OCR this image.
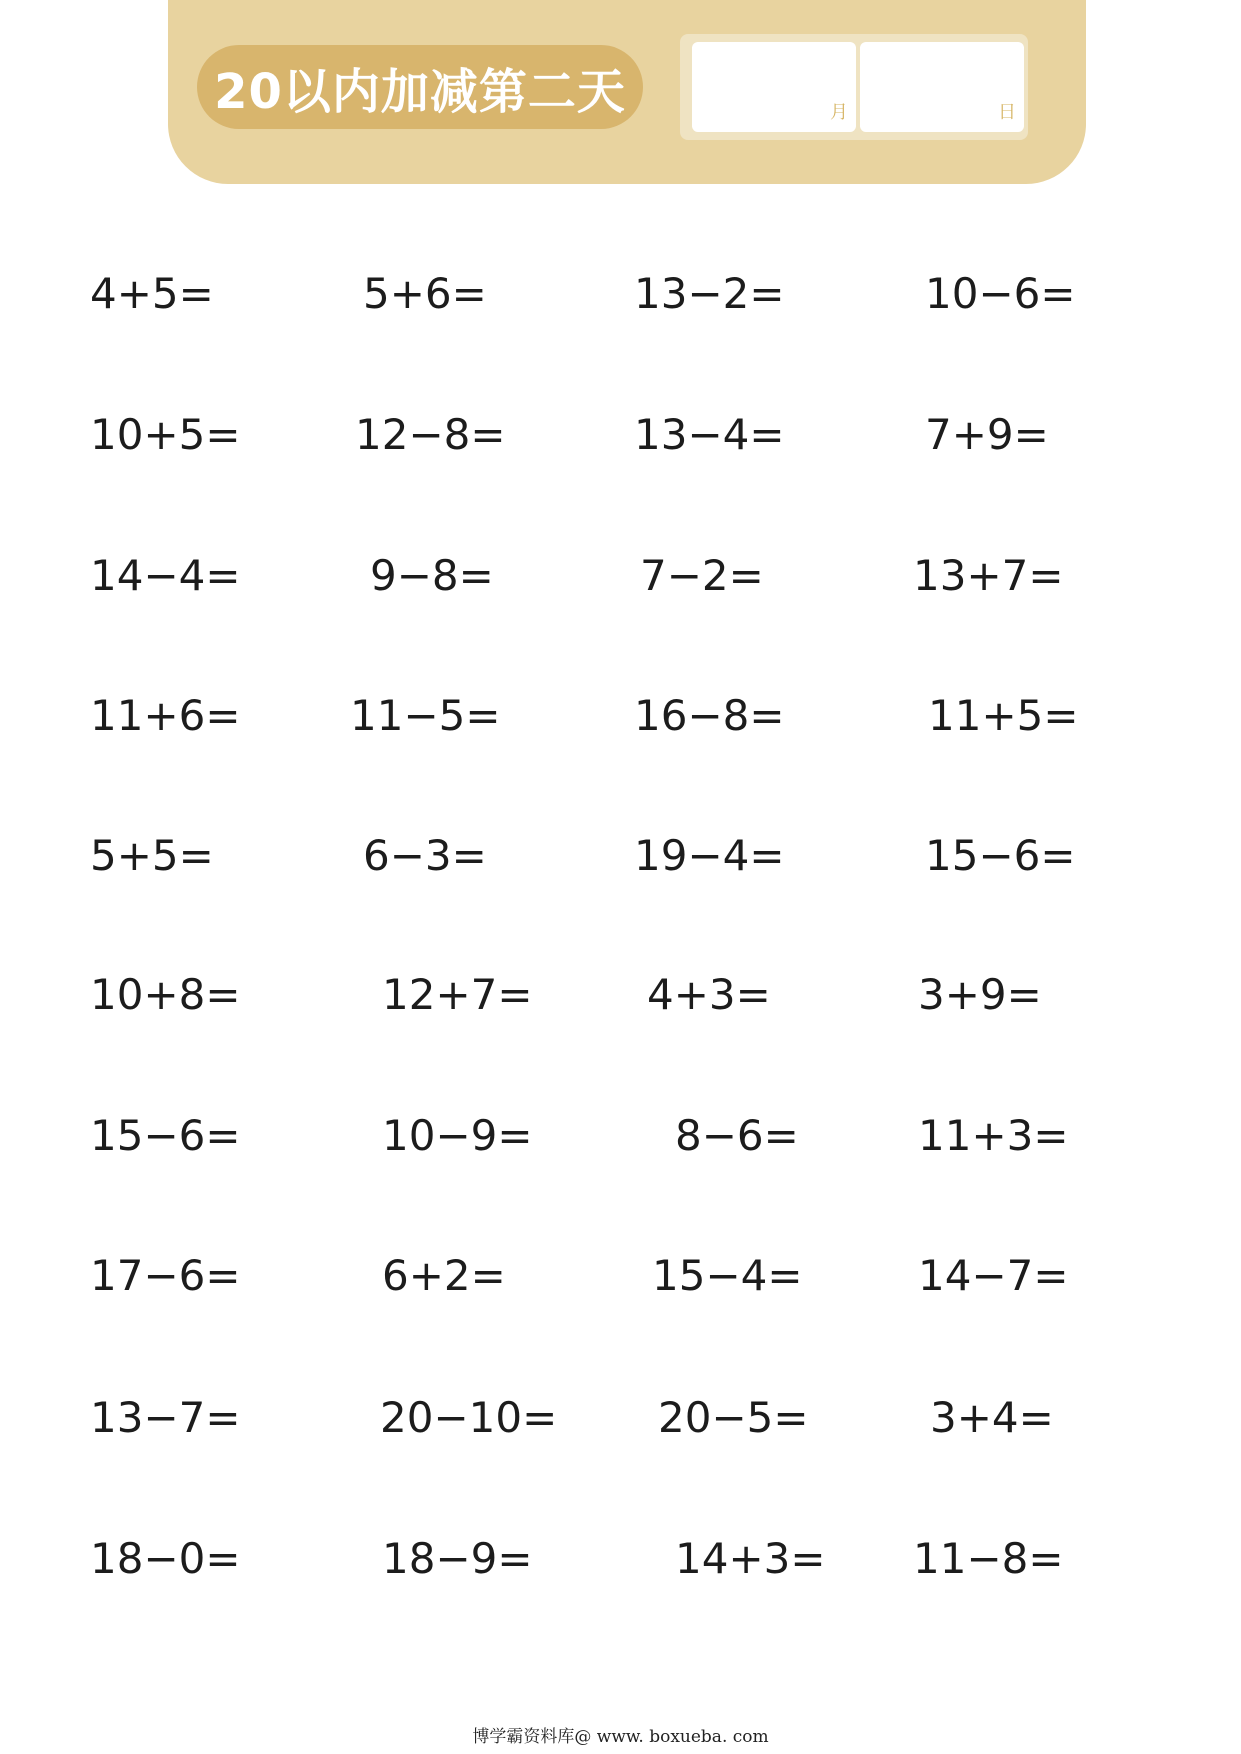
20以内加减第二天	月	日
4+5=	5+6=	13−2=	10−6=
10+5=	12−8=	13−4=	7+9=
14−4=	9−8=	7−2=	13+7=
11+6=	11−5=	16−8=	11+5=
5+5=	6−3=	19−4=	15−6=
10+8=	12+7=	4+3=	3+9=
15−6=	10−9=	8−6=	11+3=
17−6=	6+2=	15−4=	14−7=
13−7=	20−10= 20−5=	3+4=
18−0=	18−9=	14+3= 11−8=
博学霸资料库@ www. boxueba. com
